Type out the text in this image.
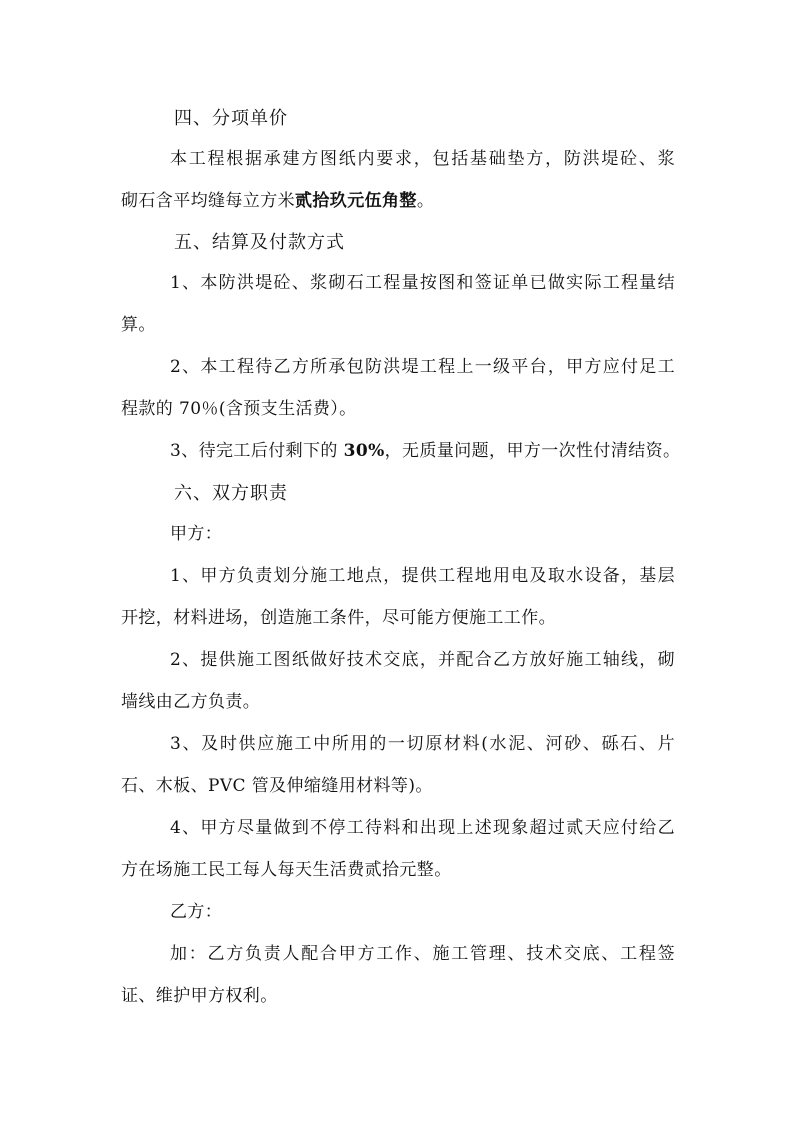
四、分项单价
本工程根据承建方图纸内要求，包括基础垫方，防洪堤砼、浆
砌石含平均缝每立方米贰拾玖元伍角整。
五、结算及付款方式
1、本防洪堤砼、浆砌石工程量按图和签证单已做实际工程量结
算。
2、本工程待乙方所承包防洪堤工程上一级平台，甲方应付足工
程款的 70％(含预支生活费）。
3、待完工后付剩下的 30%，无质量问题，甲方一次性付清结资。
六、双方职责
甲方：
1、甲方负责划分施工地点，提供工程地用电及取水设备，基层
开挖，材料进场，创造施工条件，尽可能方便施工工作。
2、提供施工图纸做好技术交底，并配合乙方放好施工轴线，砌
墙线由乙方负责。
3、及时供应施工中所用的一切原材料(水泥、河砂、砾石、片
石、木板、PVC 管及伸缩缝用材料等)。
4、甲方尽量做到不停工待料和出现上述现象超过贰天应付给乙
方在场施工民工每人每天生活费贰拾元整。
乙方：
加：乙方负责人配合甲方工作、施工管理、技术交底、工程签
证、维护甲方权利。
